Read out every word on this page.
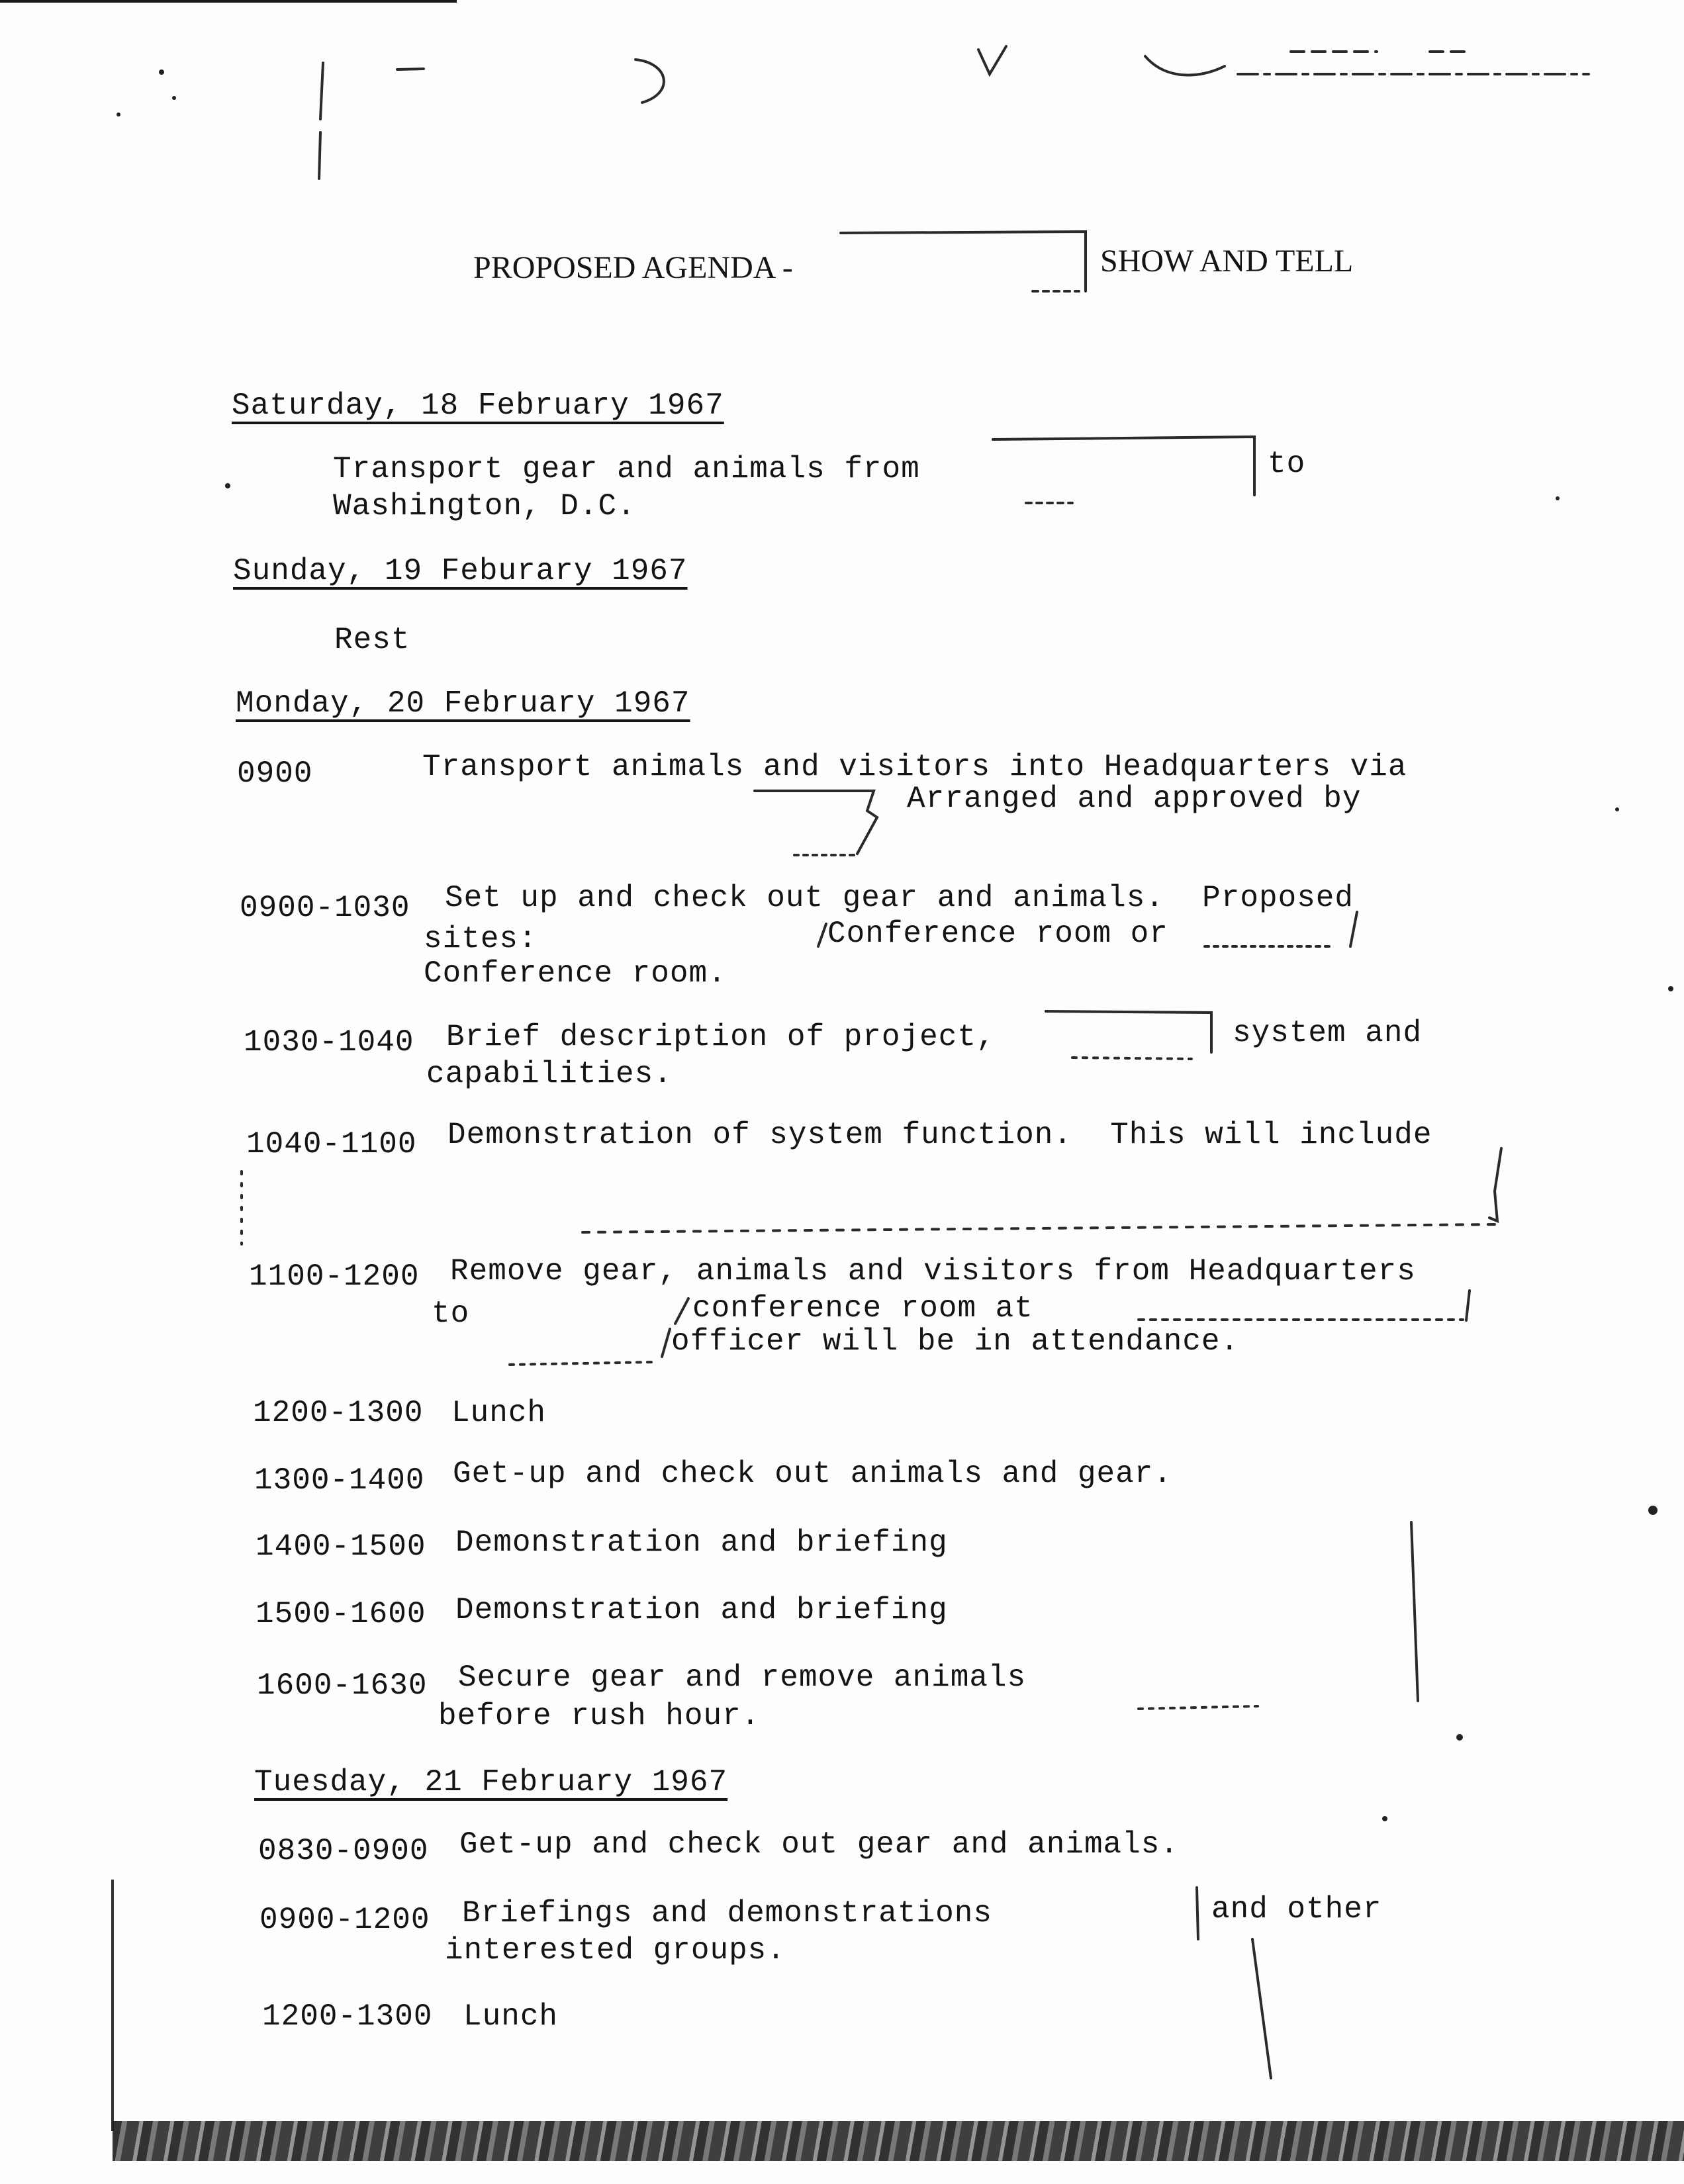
PROPOSED AGENDA -	SHOW AND TELL
Saturday, 18 February 1967
Transport gear and animals from	to
Washington, D.C.
Sunday, 19 Feburary 1967
Rest
Monday, 20 February 1967
0900	Transport animals and visitors into Headquarters via
Arranged and approved by
0900-1030 Set up and check out gear and animals.  Proposed
sites:	Conference room or
Conference room.
1030-1040 Brief description of project,	system and
capabilities.
1040-1100 Demonstration of system function.  This will include
1100-1200 Remove gear, animals and visitors from Headquarters
to	conference room at
officer will be in attendance.
1200-1300 Lunch
1300-1400 Get-up and check out animals and gear.
1400-1500 Demonstration and briefing
1500-1600 Demonstration and briefing
1600-1630 Secure gear and remove animals
before rush hour.
Tuesday, 21 February 1967
0830-0900 Get-up and check out gear and animals.
0900-1200 Briefings and demonstrations	and other
interested groups.
1200-1300 Lunch
